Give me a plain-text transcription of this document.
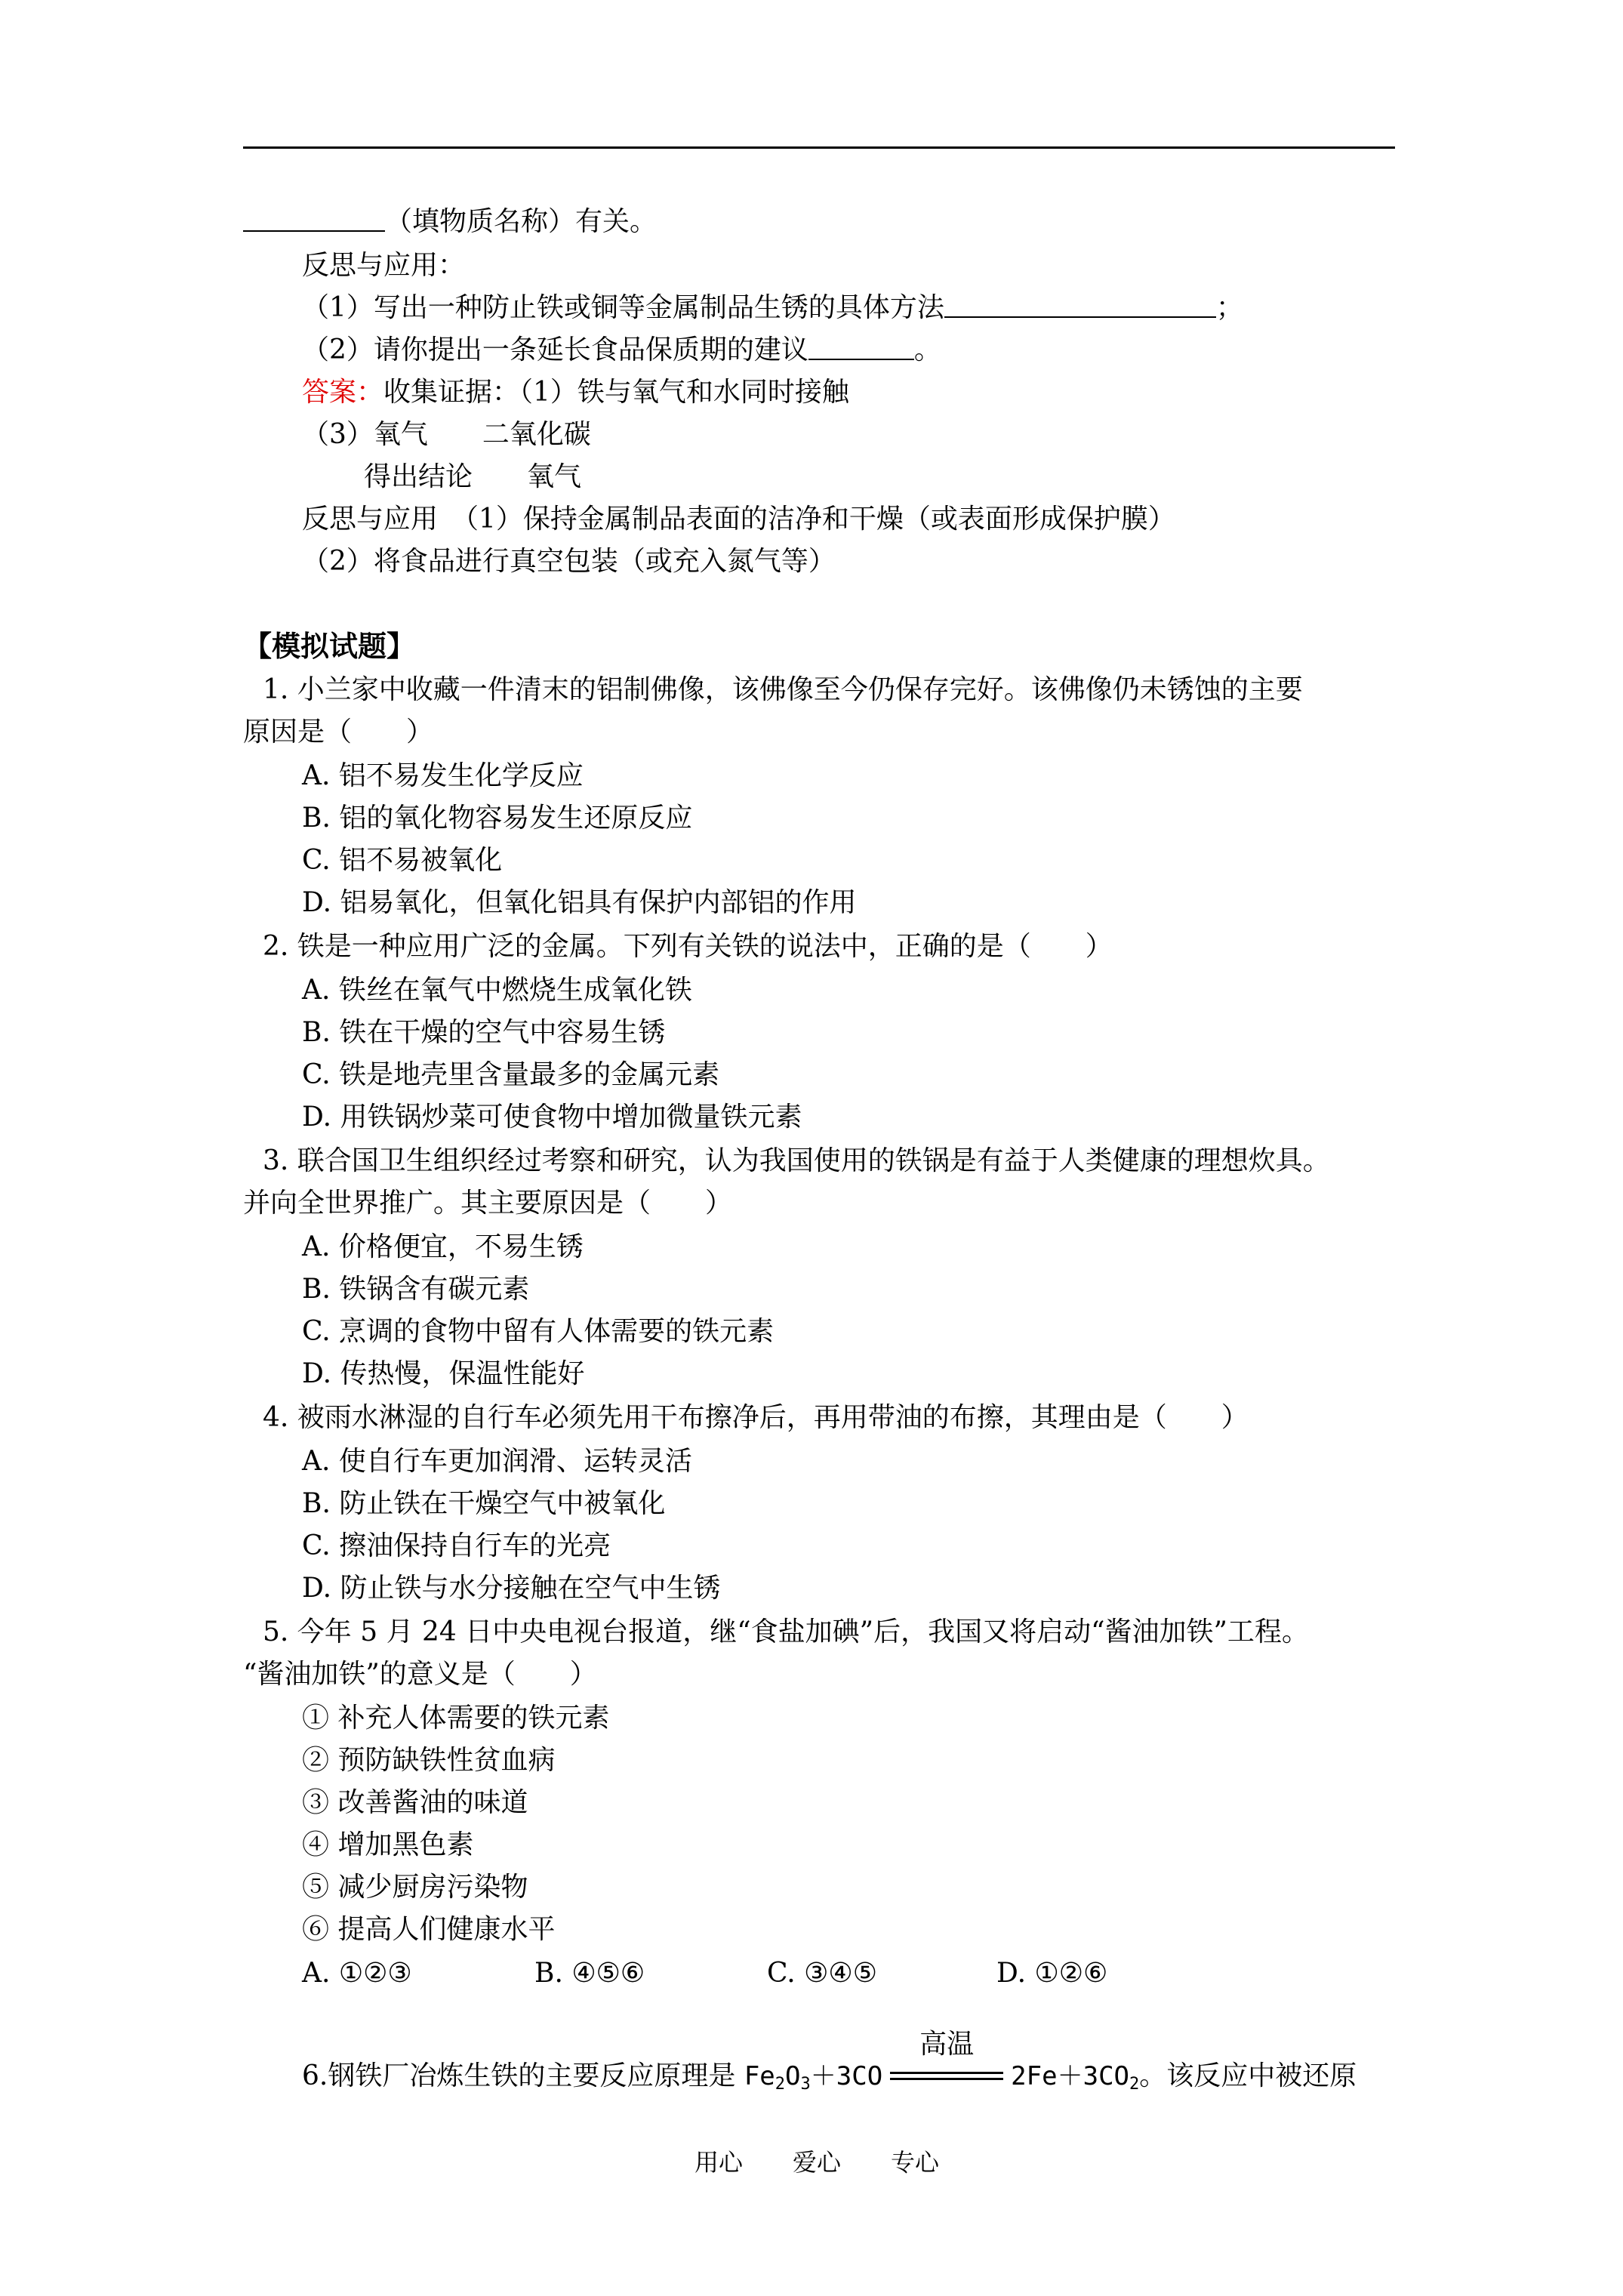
（填物质名称）有关。
反思与应用：
（1）写出一种防止铁或铜等金属制品生锈的具体方法	；
（2）请你提出一条延长食品保质期的建议	。
答案：收集证据：（1）铁与氧气和水同时接触
（3）氧气　　二氧化碳
得出结论　　氧气
反思与应用　（1）保持金属制品表面的洁净和干燥（或表面形成保护膜）
（2）将食品进行真空包装（或充入氮气等）
【模拟试题】
1. 小兰家中收藏一件清末的铝制佛像，该佛像至今仍保存完好。该佛像仍未锈蚀的主要
原因是（　　）
A. 铝不易发生化学反应
B. 铝的氧化物容易发生还原反应
C. 铝不易被氧化
D. 铝易氧化，但氧化铝具有保护内部铝的作用
2. 铁是一种应用广泛的金属。下列有关铁的说法中，正确的是（　　）
A. 铁丝在氧气中燃烧生成氧化铁
B. 铁在干燥的空气中容易生锈
C. 铁是地壳里含量最多的金属元素
D. 用铁锅炒菜可使食物中增加微量铁元素
3. 联合国卫生组织经过考察和研究，认为我国使用的铁锅是有益于人类健康的理想炊具。
并向全世界推广。其主要原因是（　　）
A. 价格便宜，不易生锈
B. 铁锅含有碳元素
C. 烹调的食物中留有人体需要的铁元素
D. 传热慢，保温性能好
4. 被雨水淋湿的自行车必须先用干布擦净后，再用带油的布擦，其理由是（　　）
A. 使自行车更加润滑、运转灵活
B. 防止铁在干燥空气中被氧化
C. 擦油保持自行车的光亮
D. 防止铁与水分接触在空气中生锈
5. 今年 5 月 24 日中央电视台报道，继“食盐加碘”后，我国又将启动“酱油加铁”工程。
“酱油加铁”的意义是（　　）
① 补充人体需要的铁元素
② 预防缺铁性贫血病
③ 改善酱油的味道
④ 增加黑色素
⑤ 减少厨房污染物
⑥ 提高人们健康水平
A. ①②③	B. ④⑤⑥	C. ③④⑤	D. ①②⑥
6.钢铁厂冶炼生铁的主要反应原理是 $Fe_2O_3+3CO$
高温
$2Fe+3CO_2$。该反应中被还原
用心 爱心 专心
